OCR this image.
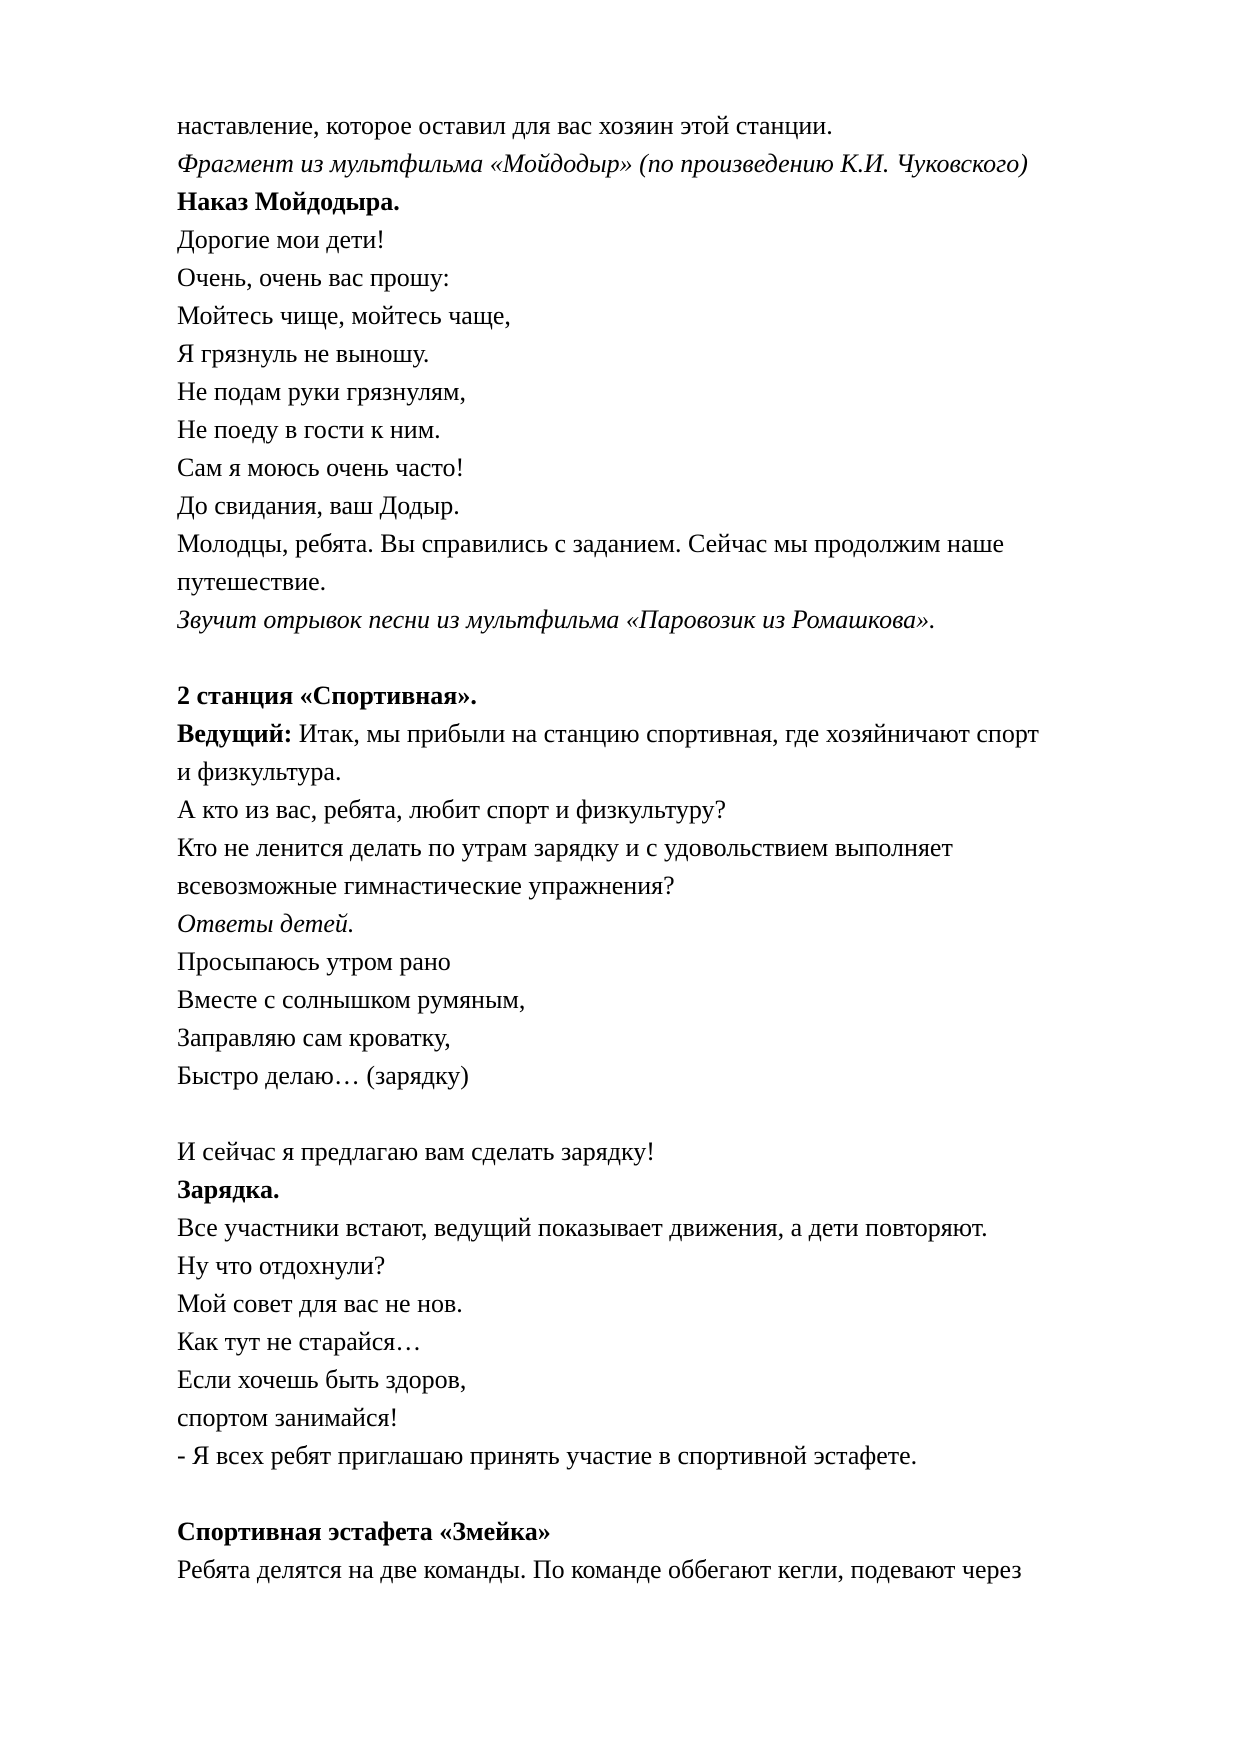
наставление, которое оставил для вас хозяин этой станции.

Фрагмент из мультфильма «Мойдодыр» (по произведению К.И. Чуковского)

Наказ Мойдодыра.

Дорогие мои дети!

Очень, очень вас прошу:

Мойтесь чище, мойтесь чаще,

Я грязнуль не выношу.

Не подам руки грязнулям,

Не поеду в гости к ним.

Сам я моюсь очень часто!

До свидания, ваш Додыр.

Молодцы, ребята. Вы справились с заданием. Сейчас мы продолжим наше

путешествие.

Звучит отрывок песни из мультфильма «Паровозик из Ромашкова».

2 станция «Спортивная».

Ведущий: Итак, мы прибыли на станцию спортивная, где хозяйничают спорт

и физкультура.

А кто из вас, ребята, любит спорт и физкультуру?

Кто не ленится делать по утрам зарядку и с удовольствием выполняет

всевозможные гимнастические упражнения?

Ответы детей.

Просыпаюсь утром рано

Вместе с солнышком румяным,

Заправляю сам кроватку,

Быстро делаю… (зарядку)

И сейчас я предлагаю вам сделать зарядку!

Зарядка.

Все участники встают, ведущий показывает движения, а дети повторяют.

Ну что отдохнули?

Мой совет для вас не нов.

Как тут не старайся…

Если хочешь быть здоров,

спортом занимайся!

- Я всех ребят приглашаю принять участие в спортивной эстафете.

Спортивная эстафета «Змейка»

Ребята делятся на две команды. По команде оббегают кегли, подевают через
